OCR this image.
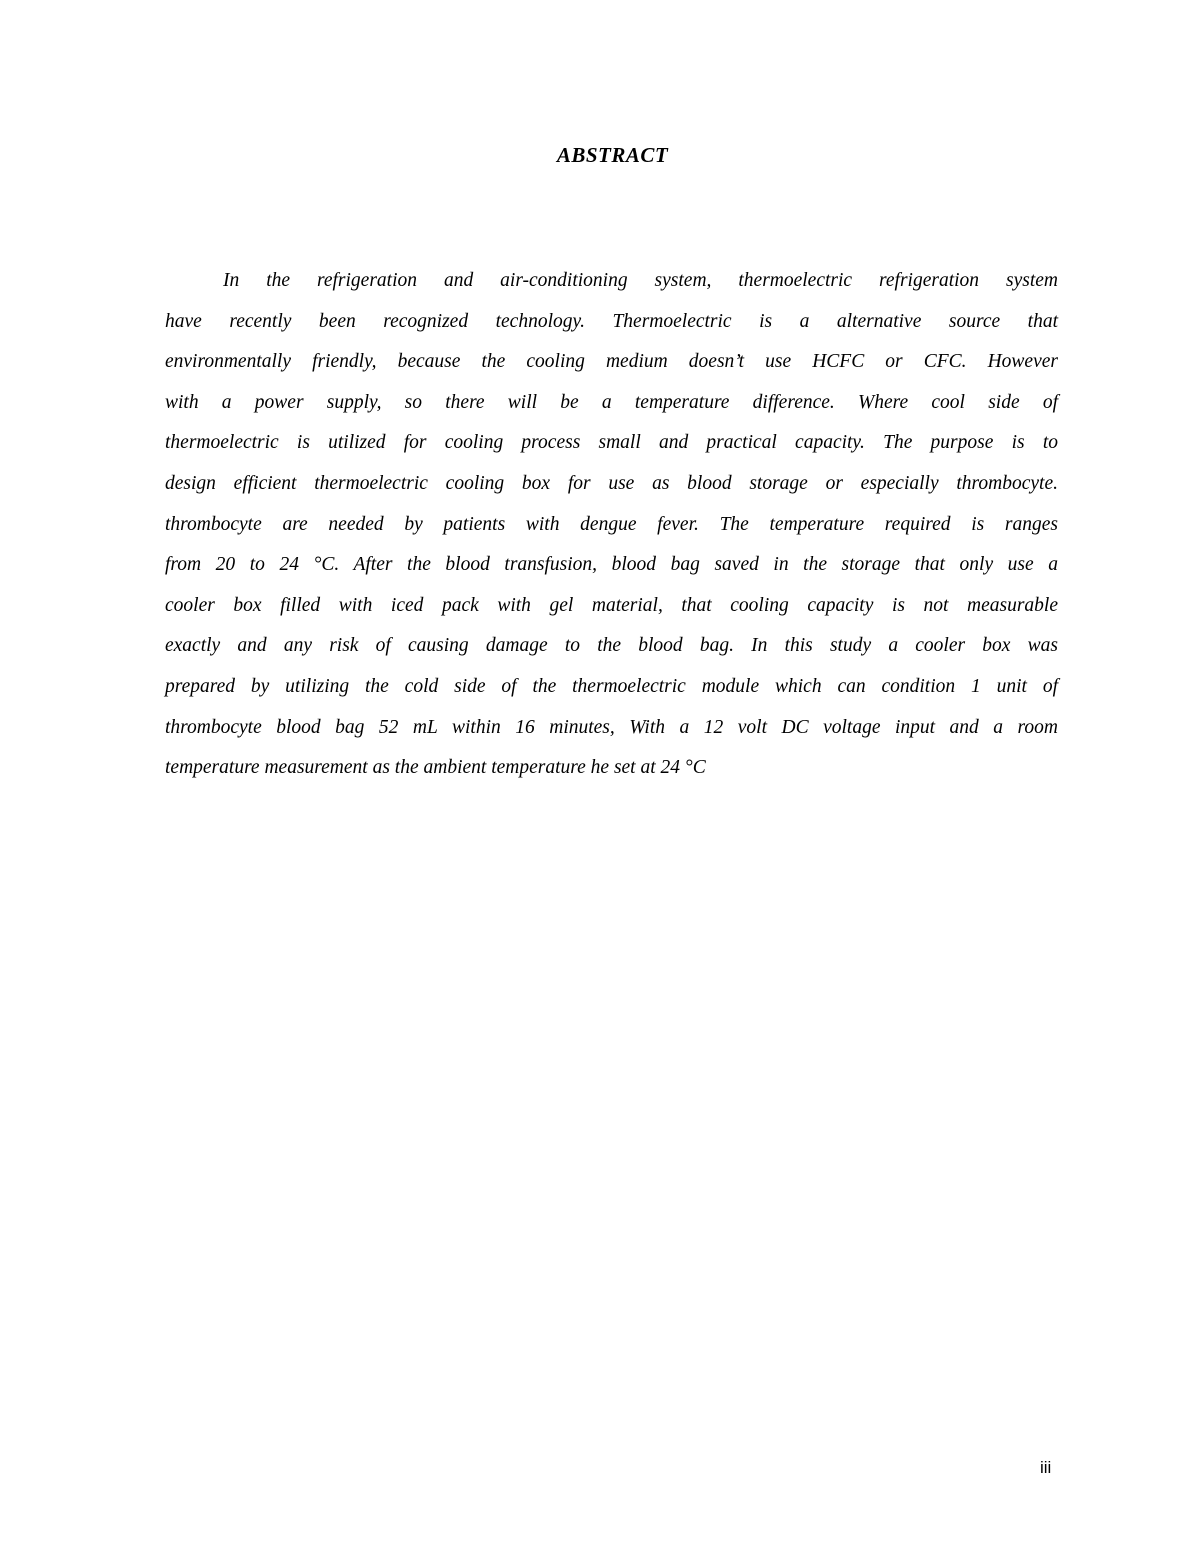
ABSTRACT
In the refrigeration and air-conditioning system, thermoelectric refrigeration system
have recently been recognized technology. Thermoelectric is a alternative source that
environmentally friendly, because the cooling medium doesn’t use HCFC or CFC. However
with a power supply, so there will be a temperature difference. Where cool side of
thermoelectric is utilized for cooling process small and practical capacity. The purpose is to
design efficient thermoelectric cooling box for use as blood storage or especially thrombocyte.
thrombocyte are needed by patients with dengue fever. The temperature required is ranges
from 20 to 24 °C. After the blood transfusion, blood bag saved in the storage that only use a
cooler box filled with iced pack with gel material, that cooling capacity is not measurable
exactly and any risk of causing damage to the blood bag. In this study a cooler box was
prepared by utilizing the cold side of the thermoelectric module which can condition 1 unit of
thrombocyte blood bag 52 mL within 16 minutes, With a 12 volt DC voltage input and a room
temperature measurement as the ambient temperature he set at 24 °C
iii
